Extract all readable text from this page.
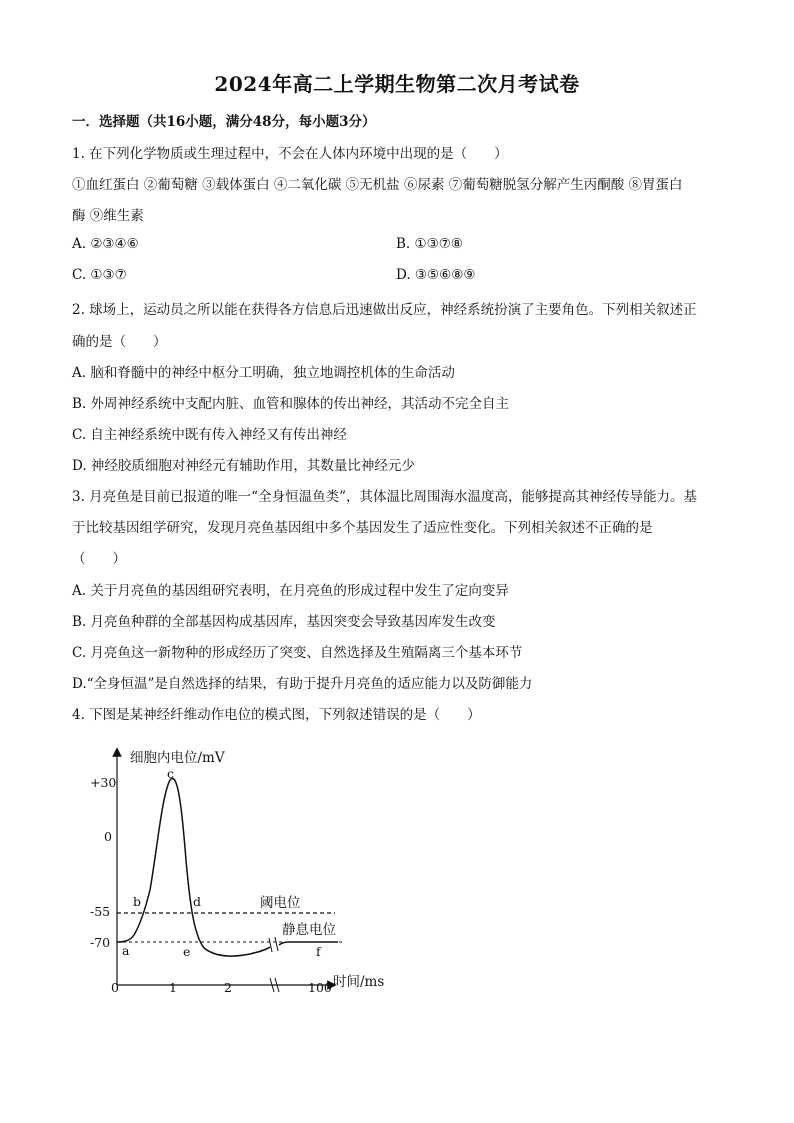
2024年高二上学期生物第二次月考试卷
一．选择题（共16小题，满分48分，每小题3分）
1. 在下列化学物质或生理过程中，不会在人体内环境中出现的是（　　）
①血红蛋白 ②葡萄糖 ③载体蛋白 ④二氧化碳 ⑤无机盐 ⑥尿素 ⑦葡萄糖脱氢分解产生丙酮酸 ⑧胃蛋白
酶 ⑨维生素
A. ②③④⑥	B. ①③⑦⑧
C. ①③⑦	D. ③⑤⑥⑧⑨
2. 球场上，运动员之所以能在获得各方信息后迅速做出反应，神经系统扮演了主要角色。下列相关叙述正
确的是（　　）
A. 脑和脊髓中的神经中枢分工明确，独立地调控机体的生命活动
B. 外周神经系统中支配内脏、血管和腺体的传出神经，其活动不完全自主
C. 自主神经系统中既有传入神经又有传出神经
D. 神经胶质细胞对神经元有辅助作用，其数量比神经元少
3. 月亮鱼是目前已报道的唯一“全身恒温鱼类”，其体温比周围海水温度高，能够提高其神经传导能力。基
于比较基因组学研究，发现月亮鱼基因组中多个基因发生了适应性变化。下列相关叙述不正确的是
（　　）
A. 关于月亮鱼的基因组研究表明，在月亮鱼的形成过程中发生了定向变异
B. 月亮鱼种群的全部基因构成基因库，基因突变会导致基因库发生改变
C. 月亮鱼这一新物种的形成经历了突变、自然选择及生殖隔离三个基本环节
D.“全身恒温”是自然选择的结果，有助于提升月亮鱼的适应能力以及防御能力
4. 下图是某神经纤维动作电位的模式图，下列叙述错误的是（　　）
细胞内电位/mV
时间/ms
+30
0
-55
-70
0	1	2	100
阈电位
静息电位
a
b
c
d
e	f
